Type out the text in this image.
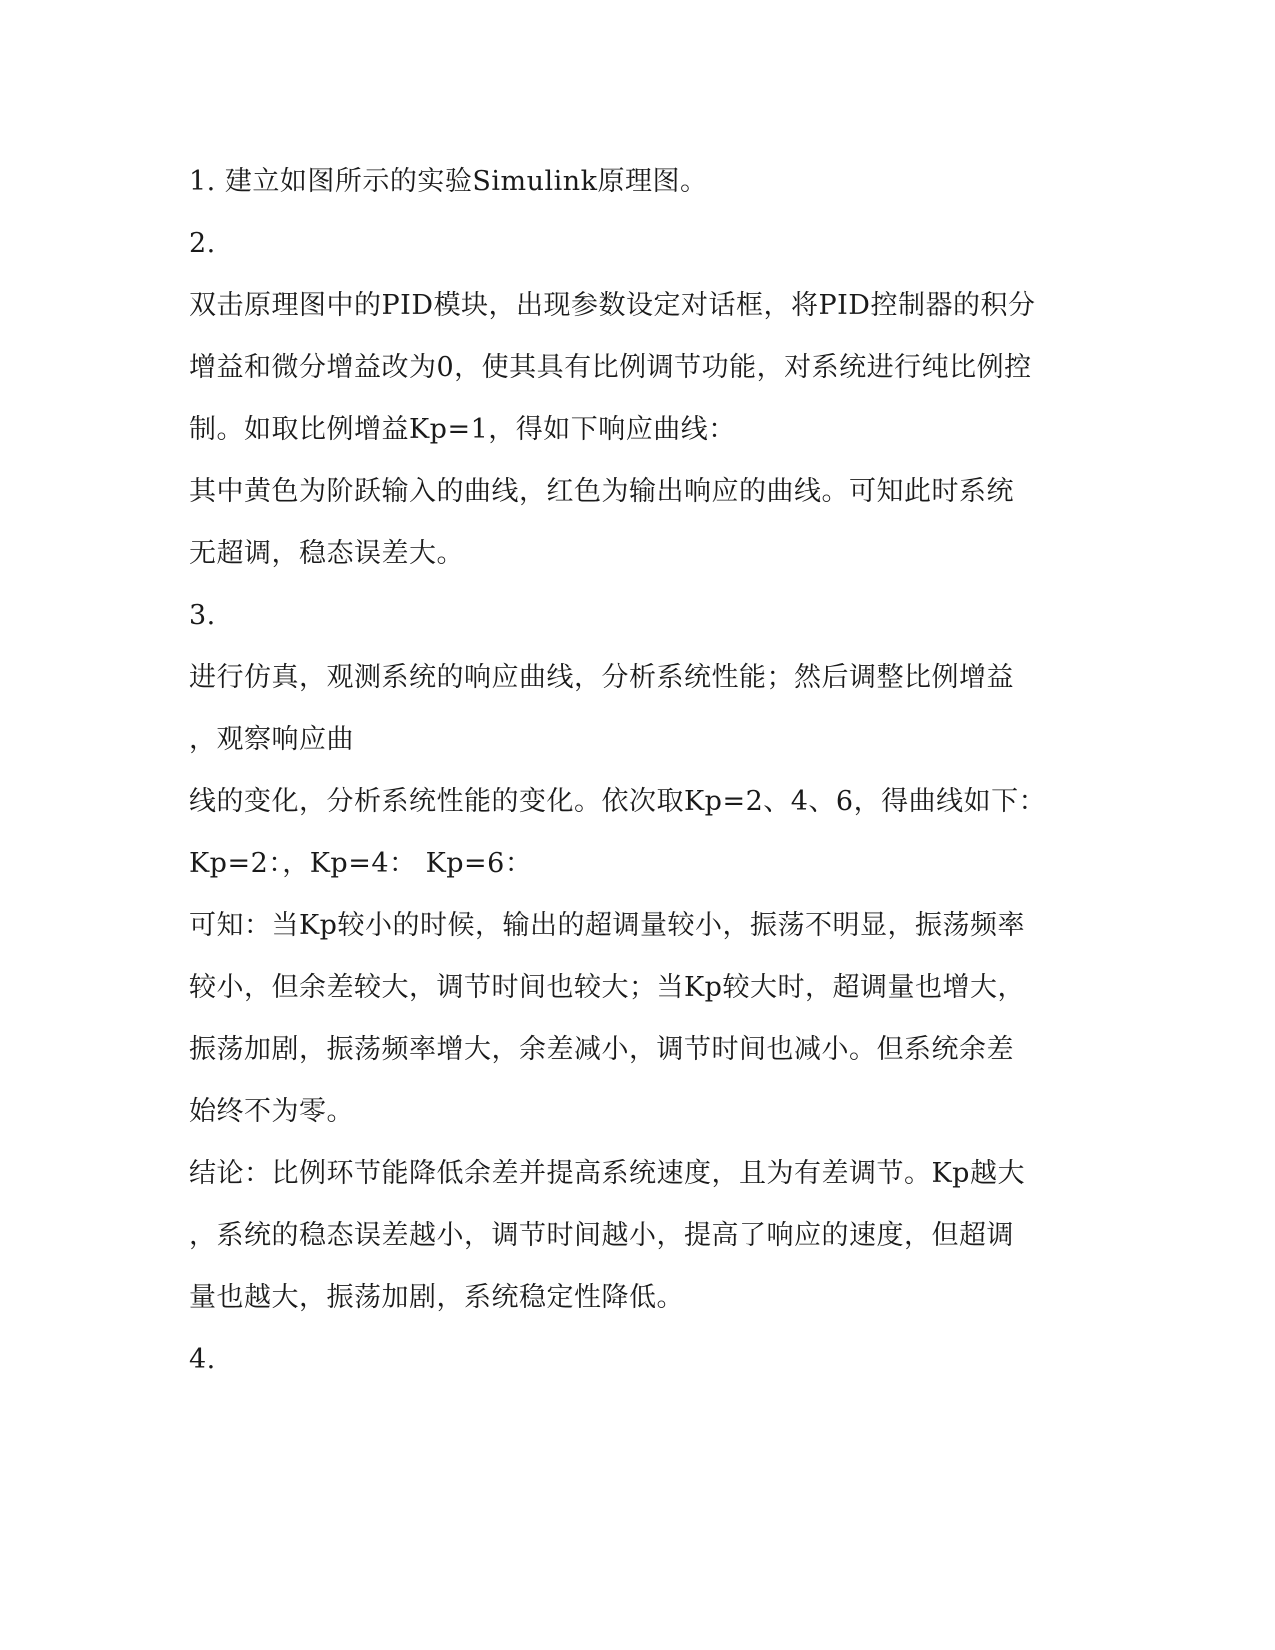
1. 建立如图所示的实验Simulink原理图。
2.
双击原理图中的PID模块，出现参数设定对话框，将PID控制器的积分
增益和微分增益改为0，使其具有比例调节功能，对系统进行纯比例控
制。如取比例增益Kp=1，得如下响应曲线：
其中黄色为阶跃输入的曲线，红色为输出响应的曲线。可知此时系统
无超调，稳态误差大。
3.
进行仿真，观测系统的响应曲线，分析系统性能；然后调整比例增益
，观察响应曲
线的变化，分析系统性能的变化。依次取Kp=2、4、6，得曲线如下：
Kp=2：，Kp=4： Kp=6：
可知：当Kp较小的时候，输出的超调量较小，振荡不明显，振荡频率
较小，但余差较大，调节时间也较大；当Kp较大时，超调量也增大，
振荡加剧，振荡频率增大，余差减小，调节时间也减小。但系统余差
始终不为零。
结论：比例环节能降低余差并提高系统速度，且为有差调节。Kp越大
，系统的稳态误差越小，调节时间越小，提高了响应的速度，但超调
量也越大，振荡加剧，系统稳定性降低。
4.
